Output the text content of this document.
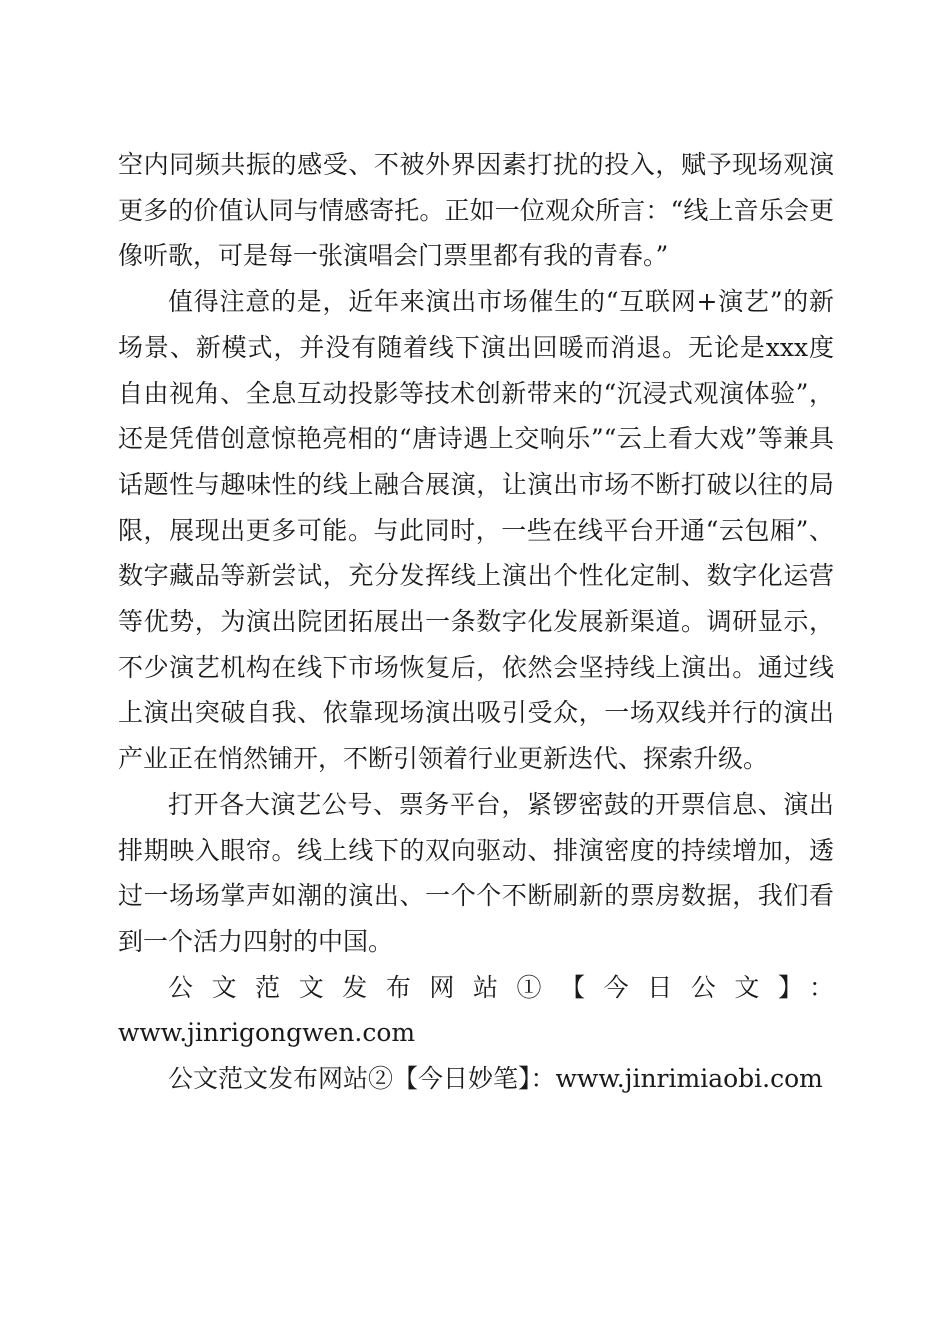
空内同频共振的感受、不被外界因素打扰的投入，赋予现场观演更多的价值认同与情感寄托。正如一位观众所言：“线上音乐会更像听歌，可是每一张演唱会门票里都有我的青春。”

值得注意的是，近年来演出市场催生的“互联网+演艺”的新场景、新模式，并没有随着线下演出回暖而消退。无论是xxx度自由视角、全息互动投影等技术创新带来的“沉浸式观演体验”，还是凭借创意惊艳亮相的“唐诗遇上交响乐”“云上看大戏”等兼具话题性与趣味性的线上融合展演，让演出市场不断打破以往的局限，展现出更多可能。与此同时，一些在线平台开通“云包厢”、数字藏品等新尝试，充分发挥线上演出个性化定制、数字化运营等优势，为演出院团拓展出一条数字化发展新渠道。调研显示，不少演艺机构在线下市场恢复后，依然会坚持线上演出。通过线上演出突破自我、依靠现场演出吸引受众，一场双线并行的演出产业正在悄然铺开，不断引领着行业更新迭代、探索升级。

打开各大演艺公号、票务平台，紧锣密鼓的开票信息、演出排期映入眼帘。线上线下的双向驱动、排演密度的持续增加，透过一场场掌声如潮的演出、一个个不断刷新的票房数据，我们看到一个活力四射的中国。

公文范文发布网站①【今日公文】：

www.jinrigongwen.com

公文范文发布网站②【今日妙笔】：www.jinrimiaobi.com
